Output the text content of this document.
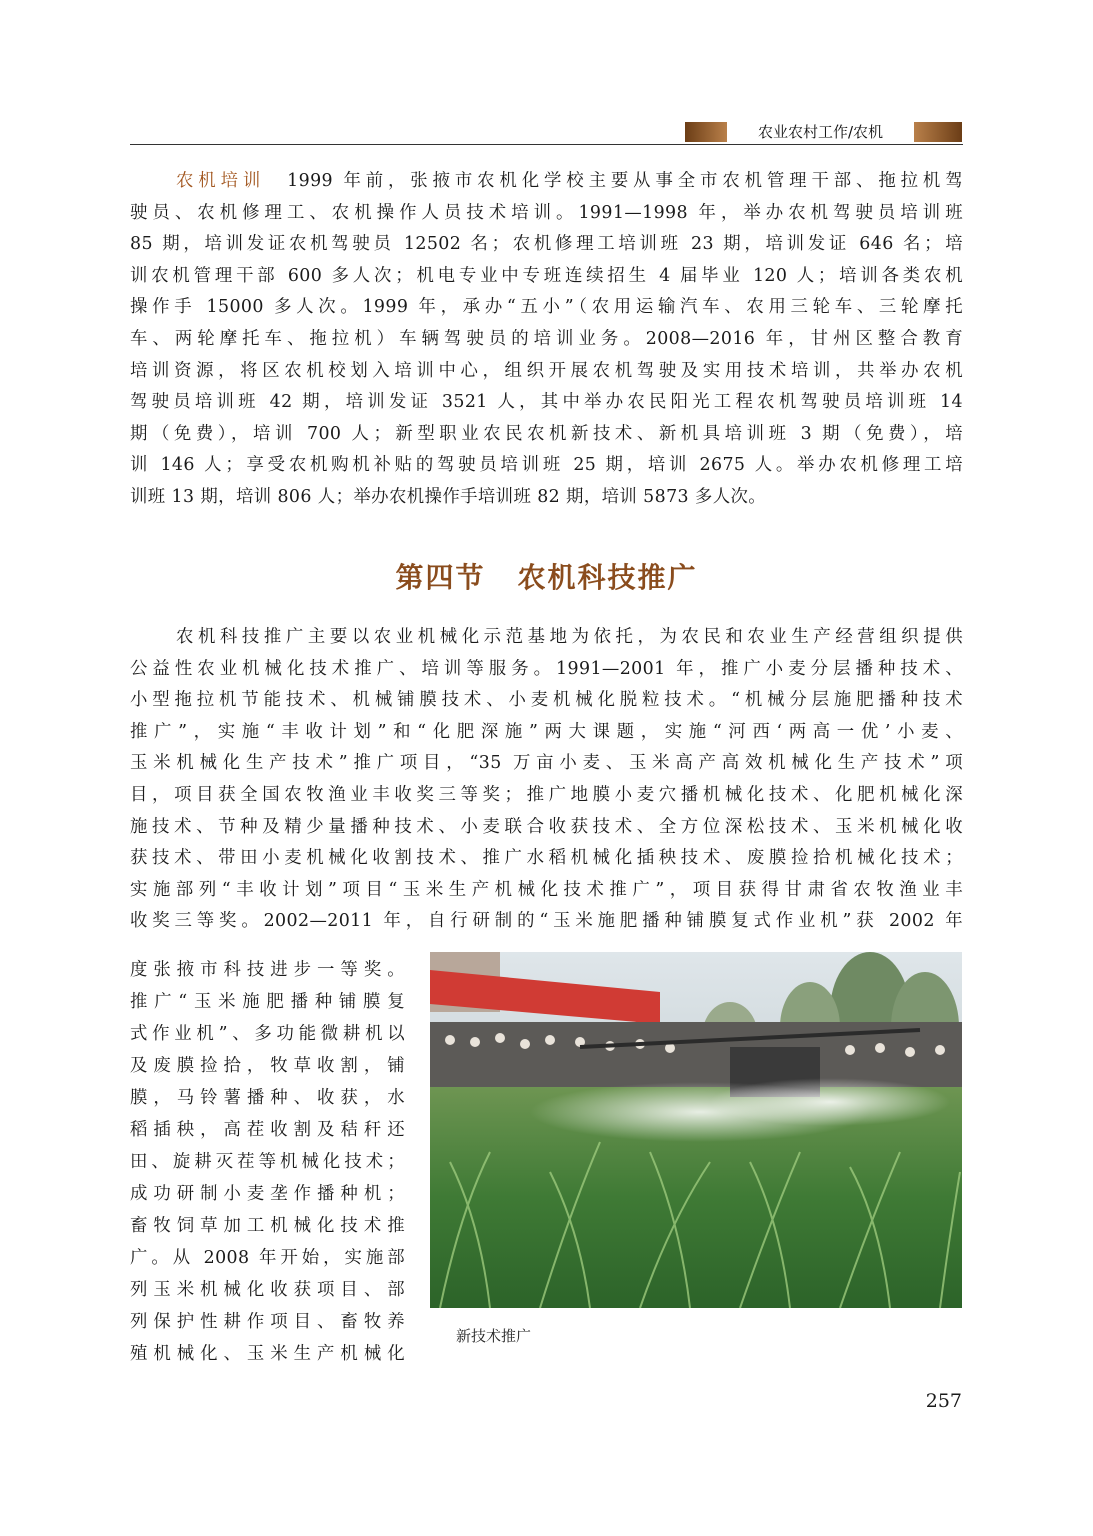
农业农村工作/农机
农机培训 1999 年前，张掖市农机化学校主要从事全市农机管理干部、拖拉机驾
驶员、农机修理工、农机操作人员技术培训。1991—1998 年，举办农机驾驶员培训班
85 期，培训发证农机驾驶员 12502 名；农机修理工培训班 23 期，培训发证 646 名；培
训农机管理干部 600 多人次；机电专业中专班连续招生 4 届毕业 120 人；培训各类农机
操作手 15000 多人次。1999 年，承办“五小”（农用运输汽车、农用三轮车、三轮摩托
车、两轮摩托车、拖拉机）车辆驾驶员的培训业务。2008—2016 年，甘州区整合教育
培训资源，将区农机校划入培训中心，组织开展农机驾驶及实用技术培训，共举办农机
驾驶员培训班 42 期，培训发证 3521 人，其中举办农民阳光工程农机驾驶员培训班 14
期（免费），培训 700 人；新型职业农民农机新技术、新机具培训班 3 期（免费），培
训 146 人；享受农机购机补贴的驾驶员培训班 25 期，培训 2675 人。举办农机修理工培
训班 13 期，培训 806 人；举办农机操作手培训班 82 期，培训 5873 多人次。
第四节 农机科技推广
农机科技推广主要以农业机械化示范基地为依托，为农民和农业生产经营组织提供
公益性农业机械化技术推广、培训等服务。1991—2001 年，推广小麦分层播种技术、
小型拖拉机节能技术、机械铺膜技术、小麦机械化脱粒技术。“机械分层施肥播种技术
推广”，实施“丰收计划”和“化肥深施”两大课题，实施“河西‘两高一优’小麦、
玉米机械化生产技术”推广项目，“35 万亩小麦、玉米高产高效机械化生产技术”项
目，项目获全国农牧渔业丰收奖三等奖；推广地膜小麦穴播机械化技术、化肥机械化深
施技术、节种及精少量播种技术、小麦联合收获技术、全方位深松技术、玉米机械化收
获技术、带田小麦机械化收割技术、推广水稻机械化插秧技术、废膜捡拾机械化技术；
实施部列“丰收计划”项目“玉米生产机械化技术推广”，项目获得甘肃省农牧渔业丰
收奖三等奖。2002—2011 年，自行研制的“玉米施肥播种铺膜复式作业机”获 2002 年
度张掖市科技进步一等奖。
推广“玉米施肥播种铺膜复
式作业机”、多功能微耕机以
及废膜捡拾，牧草收割，铺
膜，马铃薯播种、收获，水
稻插秧，高茬收割及秸秆还
田、旋耕灭茬等机械化技术；
成功研制小麦垄作播种机；
畜牧饲草加工机械化技术推
广。从 2008 年开始，实施部
列玉米机械化收获项目、部
列保护性耕作项目、畜牧养
殖机械化、玉米生产机械化
新技术推广
257
